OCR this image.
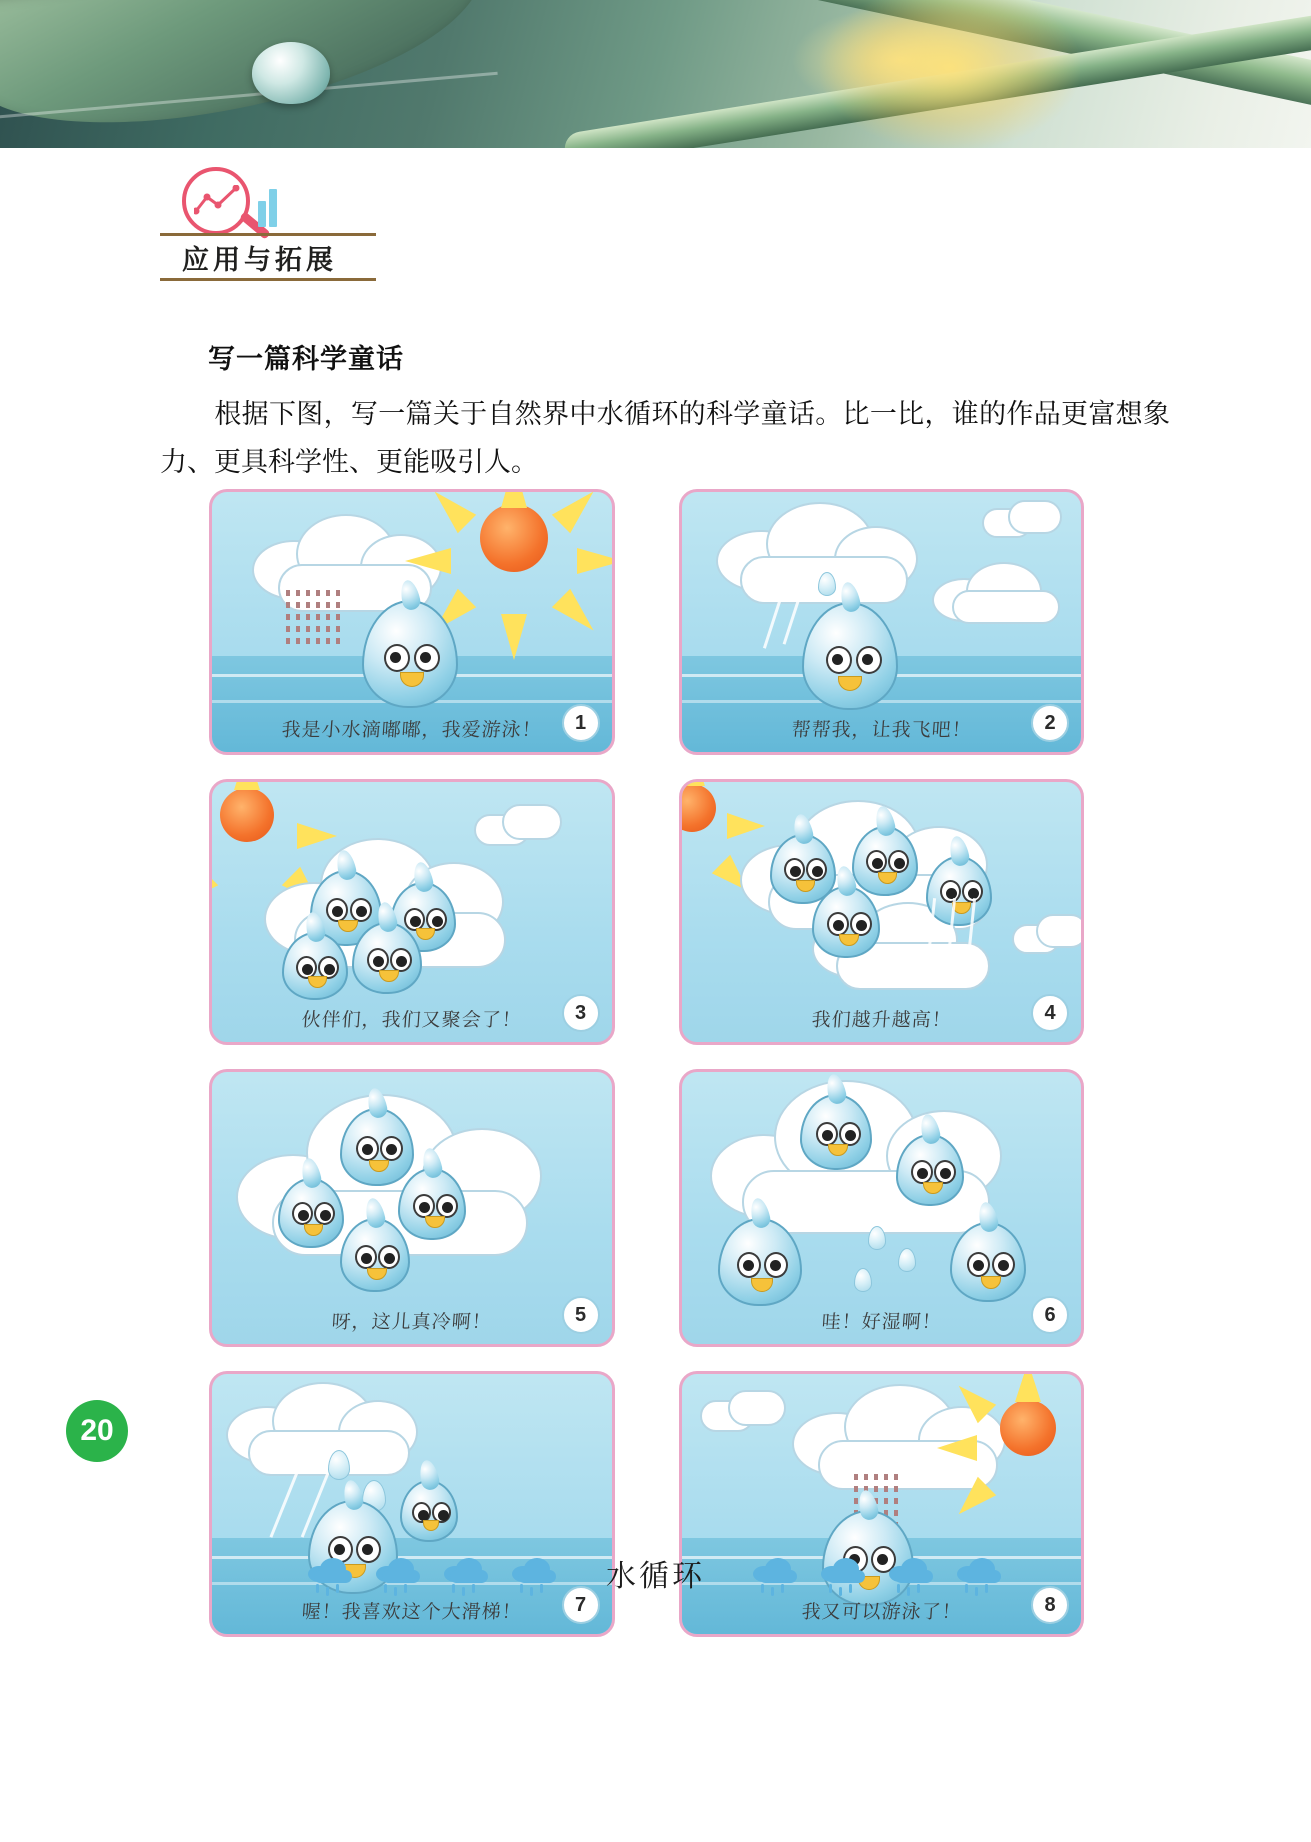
应用与拓展
写一篇科学童话
根据下图，写一篇关于自然界中水循环的科学童话。比一比，谁的作品更富想象力、更具科学性、更能吸引人。
我是小水滴嘟嘟，我爱游泳！	1	帮帮我，让我飞吧！	2
伙伴们，我们又聚会了！	3	我们越升越高！	4
呀，这儿真冷啊！	5	哇！好湿啊！	6
喔！我喜欢这个大滑梯！	7	我又可以游泳了！	8
20
水循环
